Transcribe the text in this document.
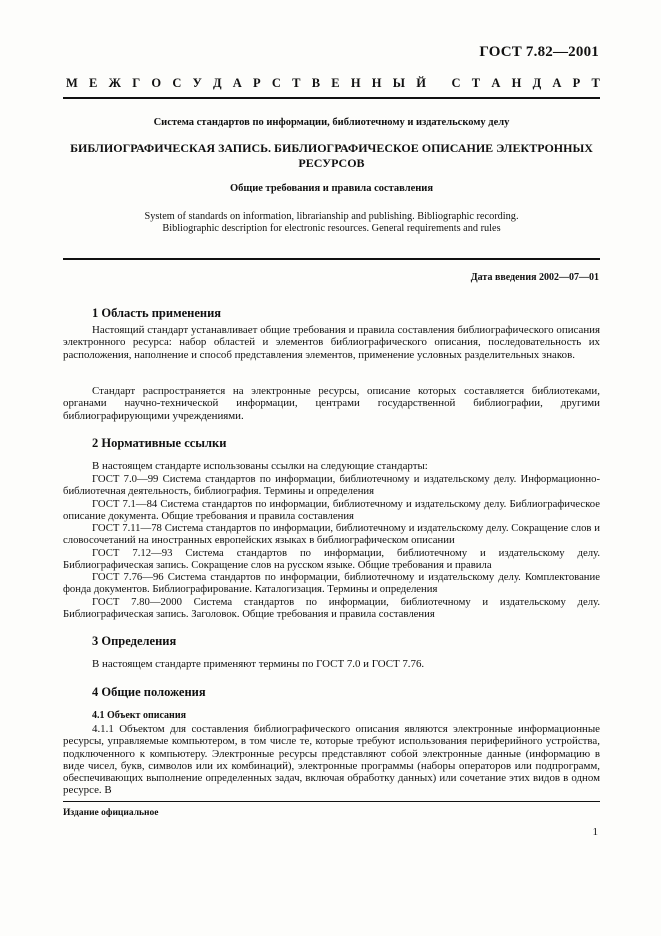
ГОСТ 7.82—2001
М Е Ж Г О С У Д А Р С Т В Е Н Н Ы Й
С Т А Н Д А Р Т
Система стандартов по информации, библиотечному и издательскому делу
БИБЛИОГРАФИЧЕСКАЯ ЗАПИСЬ. БИБЛИОГРАФИЧЕСКОЕ ОПИСАНИЕ ЭЛЕКТРОННЫХ РЕСУРСОВ
Общие требования и правила составления
System of standards on information, librarianship and publishing. Bibliographic recording.
Bibliographic description for electronic resources. General requirements and rules
Дата введения 2002—07—01
1 Область применения
Настоящий стандарт устанавливает общие требования и правила составления библиографического описания электронного ресурса: набор областей и элементов библиографического описания, последовательность их расположения, наполнение и способ представления элементов, применение условных разделительных знаков.
Стандарт распространяется на электронные ресурсы, описание которых составляется библиотеками, органами научно-технической информации, центрами государственной библиографии, другими библиографирующими учреждениями.
2 Нормативные ссылки
В настоящем стандарте использованы ссылки на следующие стандарты:
ГОСТ 7.0—99 Система стандартов по информации, библиотечному и издательскому делу. Информационно-библиотечная деятельность, библиография. Термины и определения
ГОСТ 7.1—84 Система стандартов по информации, библиотечному и издательскому делу. Библиографическое описание документа. Общие требования и правила составления
ГОСТ 7.11—78 Система стандартов по информации, библиотечному и издательскому делу. Сокращение слов и словосочетаний на иностранных европейских языках в библиографическом описании
ГОСТ 7.12—93 Система стандартов по информации, библиотечному и издательскому делу. Библиографическая запись. Сокращение слов на русском языке. Общие требования и правила
ГОСТ 7.76—96 Система стандартов по информации, библиотечному и издательскому делу. Комплектование фонда документов. Библиографирование. Каталогизация. Термины и определения
ГОСТ 7.80—2000 Система стандартов по информации, библиотечному и издательскому делу. Библиографическая запись. Заголовок. Общие требования и правила составления
3 Определения
В настоящем стандарте применяют термины по ГОСТ 7.0 и ГОСТ 7.76.
4 Общие положения
4.1 Объект описания
4.1.1 Объектом для составления библиографического описания являются электронные информационные ресурсы, управляемые компьютером, в том числе те, которые требуют использования периферийного устройства, подключенного к компьютеру. Электронные ресурсы представляют собой электронные данные (информацию в виде чисел, букв, символов или их комбинаций), электронные программы (наборы операторов или подпрограмм, обеспечивающих выполнение определенных задач, включая обработку данных) или сочетание этих видов в одном ресурсе. В
Издание официальное
1
